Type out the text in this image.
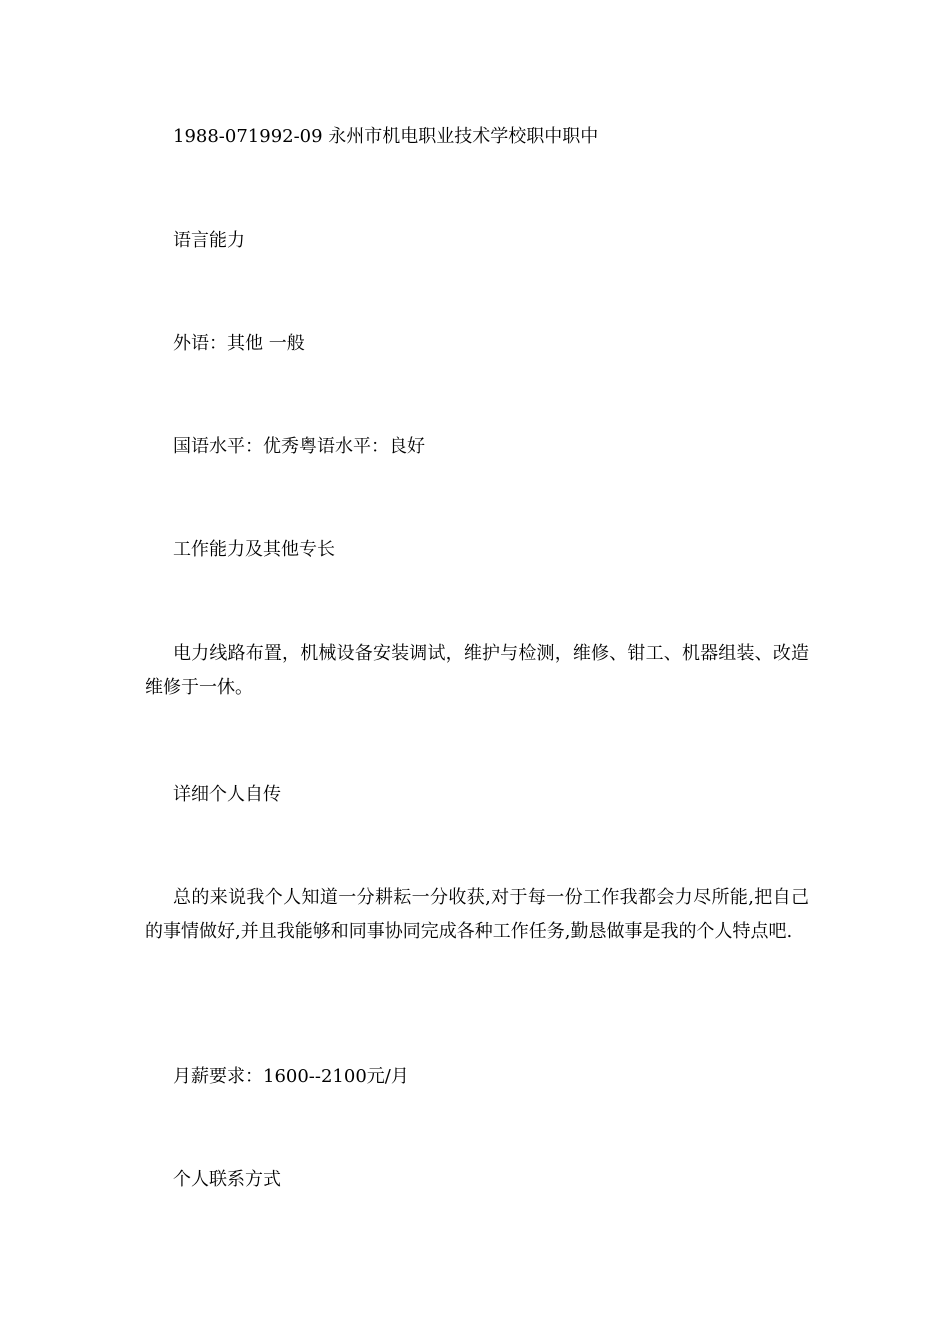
1988-071992-09 永州市机电职业技术学校职中职中

语言能力

外语：其他 一般

国语水平：优秀粤语水平：良好

工作能力及其他专长

电力线路布置，机械设备安装调试，维护与检测，维修、钳工、机器组装、改造维修于一休。

详细个人自传

总的来说我个人知道一分耕耘一分收获,对于每一份工作我都会力尽所能,把自己的事情做好,并且我能够和同事协同完成各种工作任务,勤恳做事是我的个人特点吧.

月薪要求：1600--2100元/月

个人联系方式
